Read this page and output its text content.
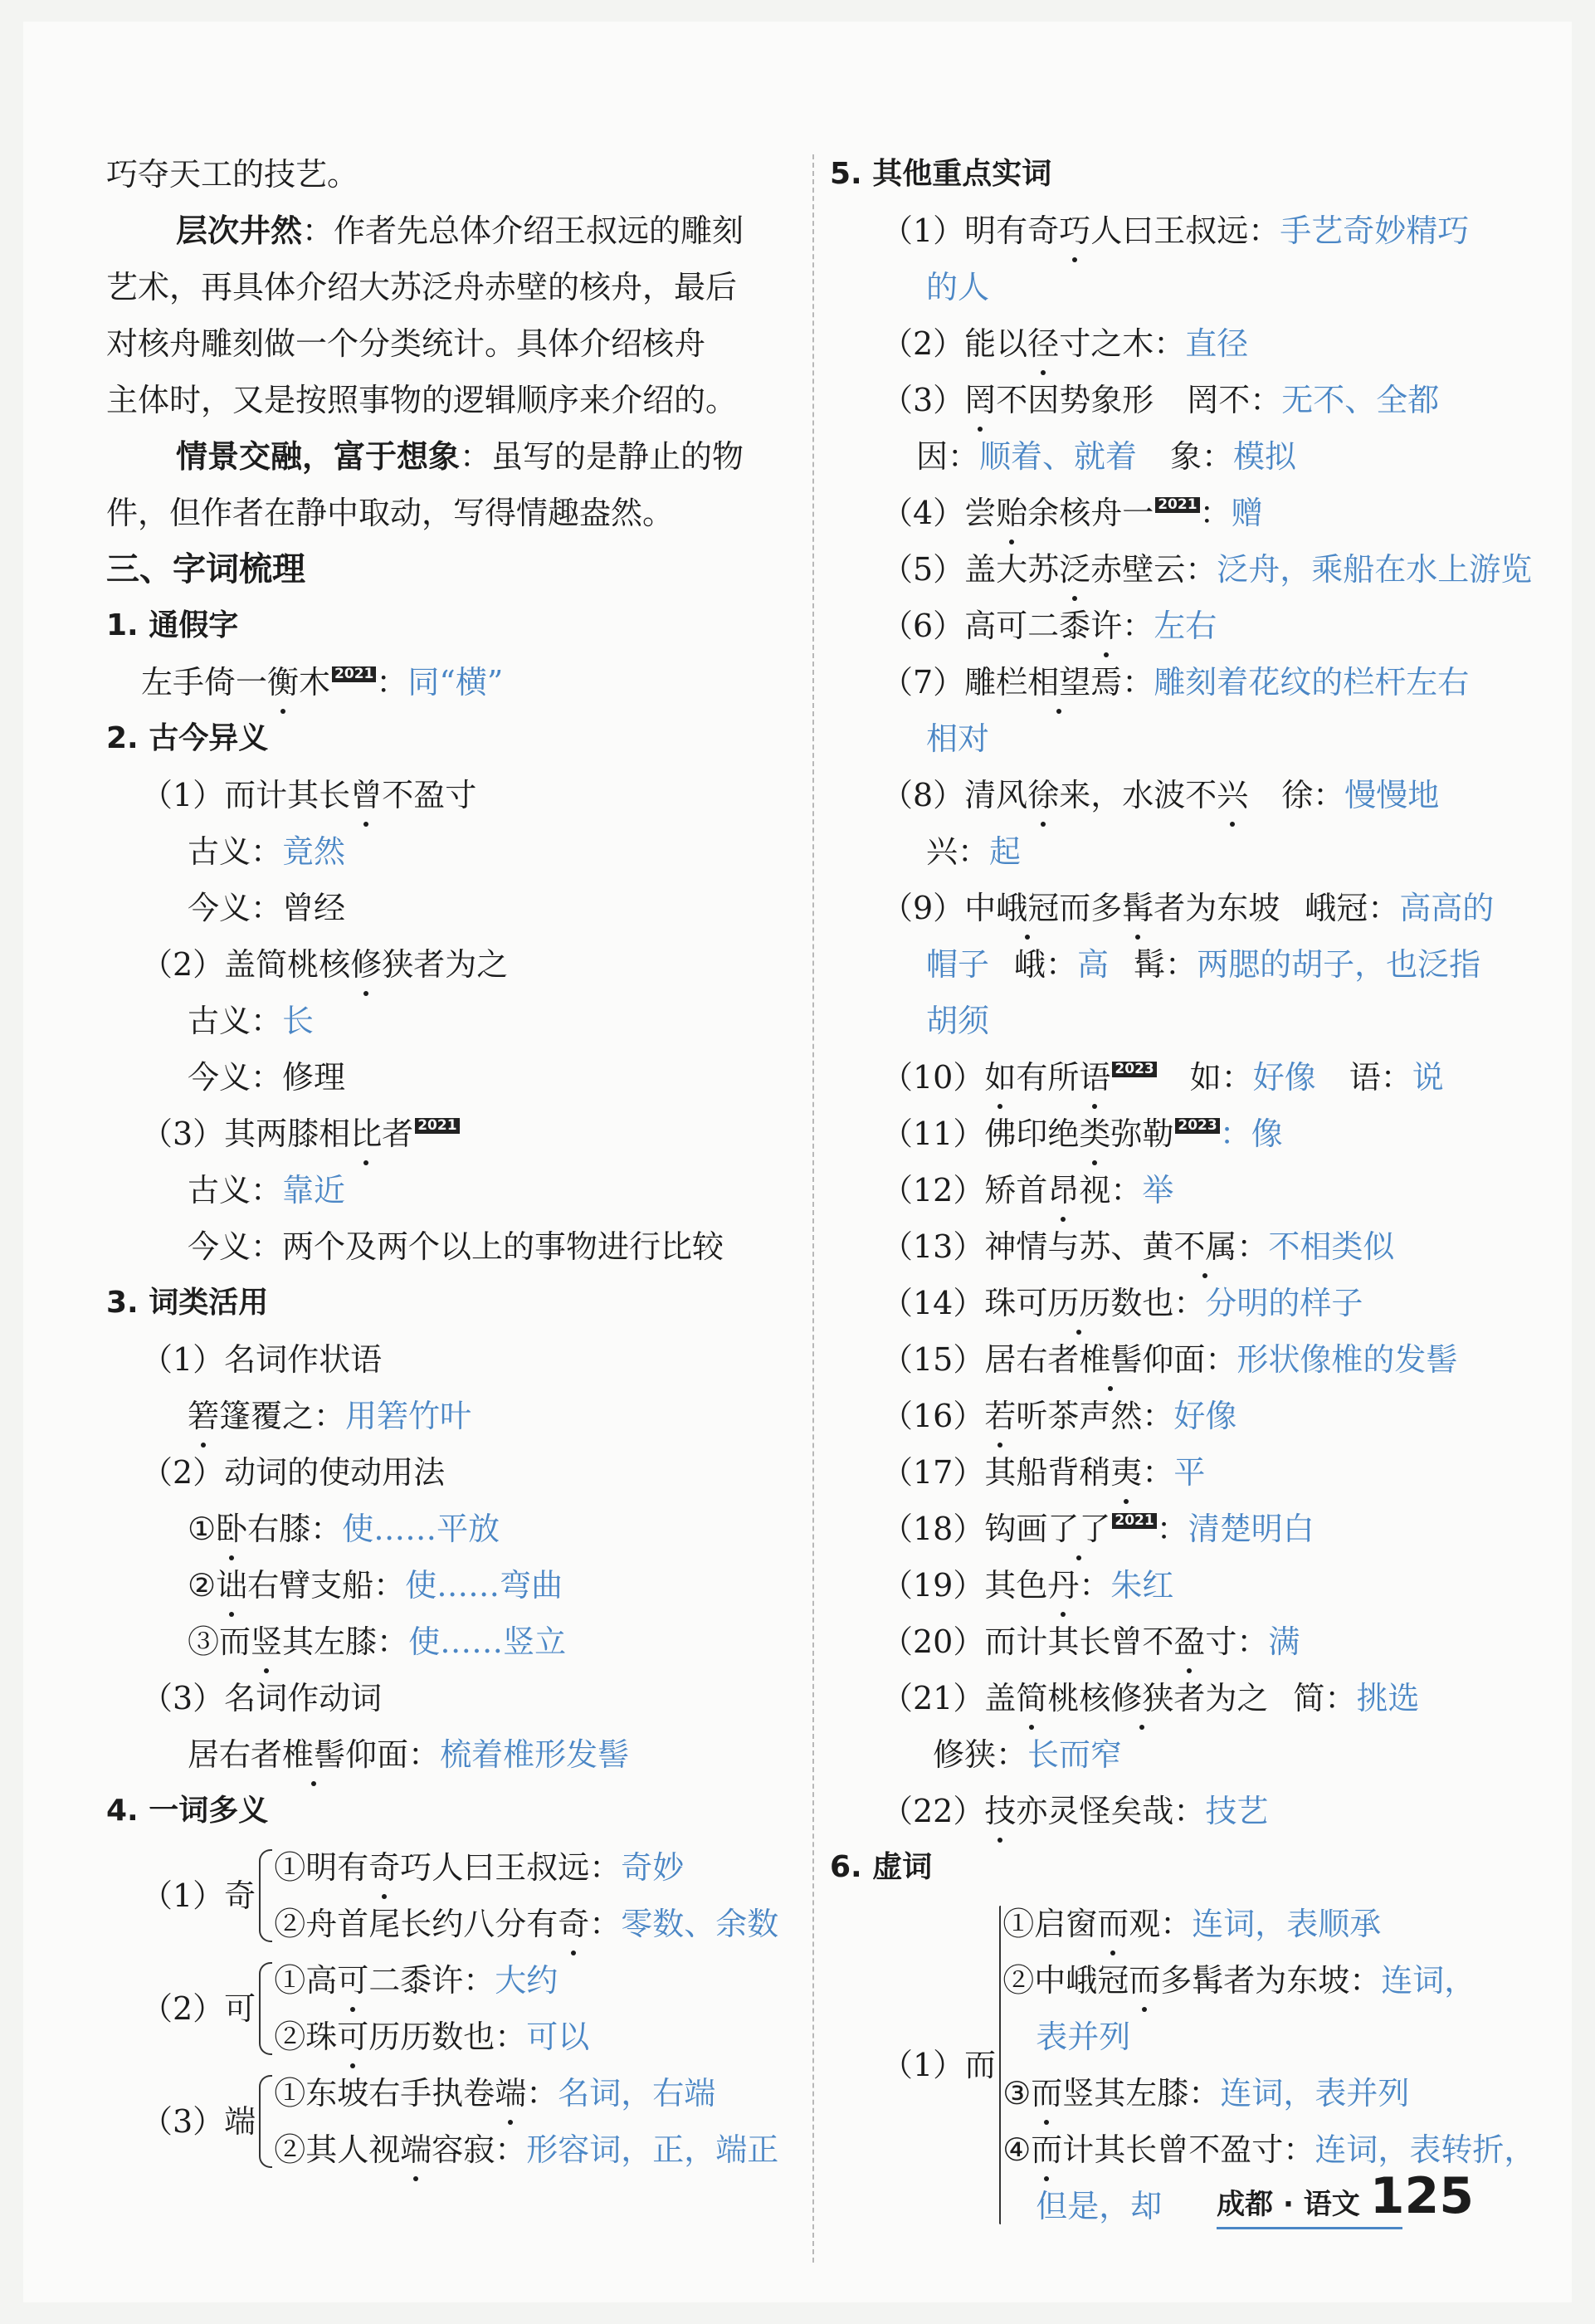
巧夺天工的技艺。
层次井然：作者先总体介绍王叔远的雕刻
艺术，再具体介绍大苏泛舟赤壁的核舟，最后
对核舟雕刻做一个分类统计。具体介绍核舟
主体时，又是按照事物的逻辑顺序来介绍的。
情景交融，富于想象：虽写的是静止的物
件，但作者在静中取动，写得情趣盎然。
三、字词梳理
1. 通假字
左手倚一衡木 2021：同“横”
2. 古今异义
（1）而计其长曾不盈寸
古义：竟然
今义：曾经
（2）盖简桃核修狭者为之
古义：长
今义：修理
（3）其两膝相比者 2021
古义：靠近
今义：两个及两个以上的事物进行比较
3. 词类活用
（1）名词作状语
箬篷覆之：用箬竹叶
（2）动词的使动用法
①卧右膝：使……平放
②诎右臂支船：使……弯曲
③而竖其左膝：使……竖立
（3）名词作动词
居右者椎髻仰面：梳着椎形发髻
4. 一词多义
（1）奇
①明有奇巧人曰王叔远：奇妙
②舟首尾长约八分有奇：零数、余数
（2）可
①高可二黍许：大约
②珠可历历数也：可以
（3）端
①东坡右手执卷端：名词，右端
②其人视端容寂：形容词，正，端正
5. 其他重点实词
（1）明有奇巧人曰王叔远：手艺奇妙精巧
的人
（2）能以径寸之木：直径
（3）罔不因势象形 罔不：无不、全都
因：顺着、就着 象：模拟
（4）尝贻余核舟一 2021：赠
（5）盖大苏泛赤壁云：泛舟，乘船在水上游览
（6）高可二黍许：左右
（7）雕栏相望焉：雕刻着花纹的栏杆左右
相对
（8）清风徐来，水波不兴 徐：慢慢地
兴：起
（9）中峨冠而多髯者为东坡 峨冠：高高的
帽子 峨：高 髯：两腮的胡子，也泛指
胡须
（10）如有所语 2023 如：好像 语：说
（11）佛印绝类弥勒 2023：像
（12）矫首昂视：举
（13）神情与苏、黄不属：不相类似
（14）珠可历历数也：分明的样子
（15）居右者椎髻仰面：形状像椎的发髻
（16）若听茶声然：好像
（17）其船背稍夷：平
（18）钩画了了 2021：清楚明白
（19）其色丹：朱红
（20）而计其长曾不盈寸：满
（21）盖简桃核修狭者为之 简：挑选
修狭：长而窄
（22）技亦灵怪矣哉：技艺
6. 虚词
（1）而
①启窗而观：连词，表顺承
②中峨冠而多髯者为东坡：连词，
表并列
③而竖其左膝：连词，表并列
④而计其长曾不盈寸：连词，表转折，
但是，却	成都 · 语文 125
